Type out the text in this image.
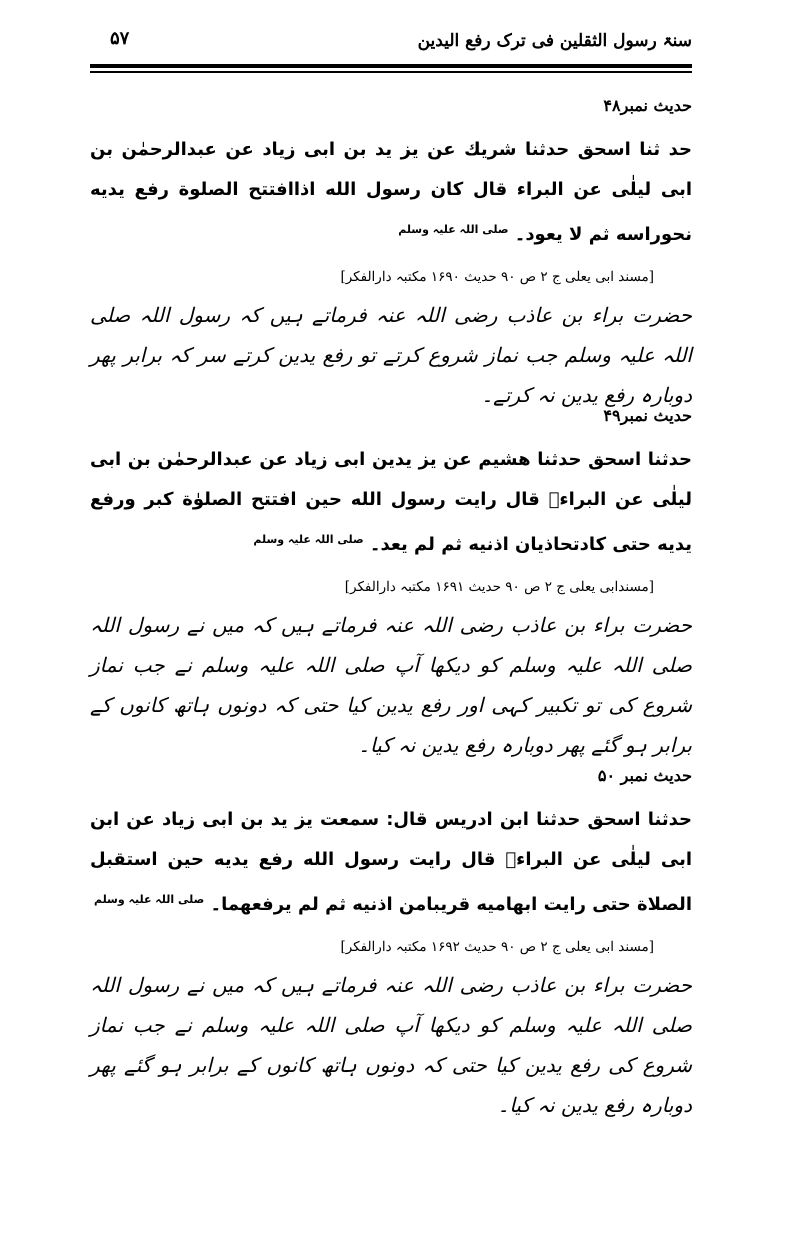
سنۃ رسول الثقلین فی ترک رفع الیدین
۵۷
حدیث نمبر۴۸
حد ثنا اسحق حدثنا شريك عن يز يد بن ابی زياد عن عبدالرحمٰن بن ابی ليلٰی عن البراء قال كان رسول الله اذاافتتح الصلوة رفع يديه نحوراسه ثم لا يعود۔ $^{صلی اللہ علیہ وسلم}$
[مسند ابی یعلی ج ۲ ص ۹۰ حدیث ۱۶۹۰ مکتبہ دارالفکر]
حضرت براء بن عاذب رضی اللہ عنہ فرماتے ہیں کہ رسول اللہ صلی اللہ علیہ وسلم جب نماز شروع کرتے تو رفع یدین کرتے سر کہ برابر پھر دوبارہ رفع یدین نہ کرتے۔
حدیث نمبر۴۹
حدثنا اسحق حدثنا هشيم عن يز يدين ابی زياد عن عبدالرحمٰن بن ابی ليلٰی عن البراءؓ قال رايت رسول الله حين افتتح الصلوٰة كبر ورفع يديه حتی كادتحاذيان اذنيه ثم لم يعد۔ $^{صلی اللہ علیہ وسلم}$
[مسندابی یعلی ج ۲ ص ۹۰ حدیث ۱۶۹۱ مکتبہ دارالفکر]
حضرت براء بن عاذب رضی اللہ عنہ فرماتے ہیں کہ میں نے رسول اللہ صلی اللہ علیہ وسلم کو دیکھا آپ صلی اللہ علیہ وسلم نے جب نماز شروع کی تو تکبیر کہی اور رفع یدین کیا حتی کہ دونوں ہاتھ کانوں کے برابر ہو گئے پھر دوبارہ رفع یدین نہ کیا۔
حدیث نمبر ۵۰
حدثنا اسحق حدثنا ابن ادريس قال: سمعت يز يد بن ابی زياد عن ابن ابی ليلٰی عن البراءؓ قال رايت رسول الله رفع يديه حين استقبل الصلاة حتی رايت ابهاميه قريبامن اذنيه ثم لم يرفعهما۔ $^{صلی اللہ علیہ وسلم}$
[مسند ابی یعلی ج ۲ ص ۹۰ حدیث ۱۶۹۲ مکتبہ دارالفکر]
حضرت براء بن عاذب رضی اللہ عنہ فرماتے ہیں کہ میں نے رسول اللہ صلی اللہ علیہ وسلم کو دیکھا آپ صلی اللہ علیہ وسلم نے جب نماز شروع کی رفع یدین کیا حتی کہ دونوں ہاتھ کانوں کے برابر ہو گئے پھر دوبارہ رفع یدین نہ کیا۔
